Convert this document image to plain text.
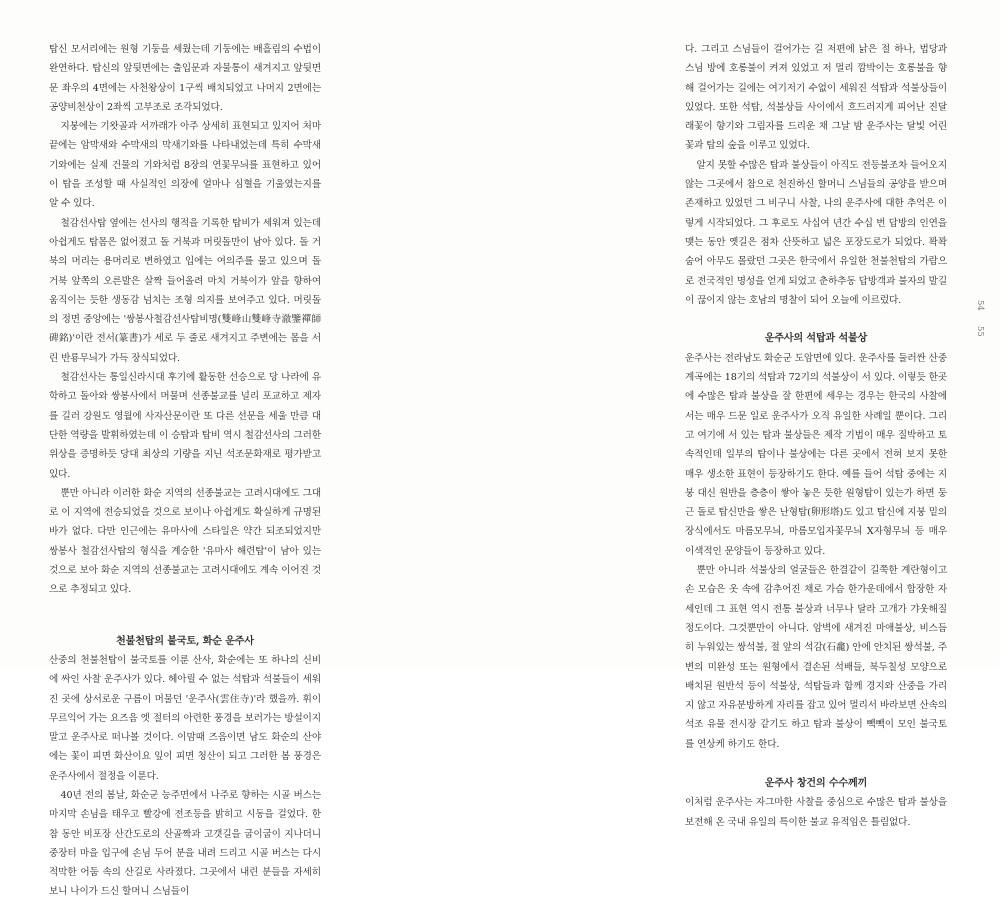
탑신 모서리에는 원형 기둥을 세웠는데 기둥에는 배흘림의 수법이 완연하다. 탑신의 앞뒷면에는 출입문과 자물통이 새겨지고 앞뒷면 문 좌우의 4면에는 사천왕상이 1구씩 배치되었고 나머지 2면에는 공양비천상이 2좌씩 고부조로 조각되었다.

지붕에는 기왓골과 서까래가 아주 상세히 표현되고 있지어 처마 끝에는 암막새와 수막새의 막새기와를 나타내었는데 특히 수막새기와에는 실제 건물의 기와처럼 8장의 연꽃무늬를 표현하고 있어 이 탑을 조성할 때 사실적인 의장에 얼마나 심혈을 기울였는지를 알 수 있다.

철감선사탑 옆에는 선사의 행적을 기록한 탑비가 세워져 있는데 아쉽게도 탑몸은 없어졌고 돌 거북과 머릿돌만이 남아 있다. 돌 거북의 머리는 용머리로 변하였고 입에는 여의주를 물고 있으며 돌 거북 앞쪽의 오른발은 살짝 들어올려 마치 거북이가 앞을 향하여 움직이는 듯한 생동감 넘치는 조형 의지를 보여주고 있다. 머릿돌의 정면 중앙에는 '쌍봉사철감선사탑비명(雙峰山雙峰寺澈鑒禪師碑銘)'이란 전서(篆書)가 세로 두 줄로 새겨지고 주변에는 몸을 서린 반룡무늬가 가득 장식되었다.

철감선사는 통일신라시대 후기에 활동한 선승으로 당 나라에 유학하고 돌아와 쌍봉사에서 머물며 선종불교를 널리 포교하고 제자를 길러 강원도 영월에 사자산문이란 또 다른 선문을 세울 만큼 대단한 역량을 발휘하였는데 이 승탑과 탑비 역시 철감선사의 그러한 위상을 증명하듯 당대 최상의 기량을 지닌 석조문화재로 평가받고 있다.

뿐만 아니라 이러한 화순 지역의 선종불교는 고려시대에도 그대로 이 지역에 전승되었을 것으로 보이나 아쉽게도 확실하게 규명된 바가 없다. 다만 인근에는 유마사에 스타일은 약간 되조되었지만 쌍봉사 철감선사탑의 형식을 계승한 '유마사 해련탑'이 남아 있는 것으로 보아 화순 지역의 선종불교는 고려시대에도 계속 이어진 것으로 추정되고 있다.

천불천탑의 불국토, 화순 운주사

산중의 천불천탑이 불국토를 이룬 산사, 화순에는 또 하나의 신비에 싸인 사찰 운주사가 있다. 헤아릴 수 없는 석탑과 석불들이 세워진 곳에 상서로운 구름이 머물던 '운주사(雲住寺)'라 했을까. 휘이 무르익어 가는 요즈음 엣 절터의 아련한 풍경을 보러가는 방설이지 말고 운주사로 떠나볼 것이다. 이맘때 즈음이면 남도 화순의 산야에는 꽃이 피면 화산이요 잎이 피면 청산이 되고 그러한 봄 풍경은 운주사에서 절정을 이룬다.

40년 전의 봄날, 화순군 능주면에서 나주로 향하는 시골 버스는 마지막 손님을 태우고 빨강에 전조등을 밝히고 시동을 걸었다. 한참 동안 비포장 산간도로의 산골짝과 고갯길을 굽이굽이 지나더니 중장터 마을 입구에 손님 두어 분을 내려 드리고 시골 버스는 다시 적막한 어둠 속의 산길로 사라졌다. 그곳에서 내린 분들을 자세히 보니 나이가 드신 할머니 스님들이

다. 그리고 스님들이 걸어가는 길 저편에 낡은 절 하나, 법당과 스님 방에 호롱불이 켜져 있었고 저 멀리 깜박이는 호롱불을 향해 걸어가는 길에는 여기저기 수없이 세워진 석탑과 석불상들이 있었다. 또한 석탑, 석불상들 사이에서 흐드러지게 피어난 진달래꽃이 향기와 그림자를 드리운 채 그날 밤 운주사는 달빛 어린 꽃과 탑의 숲을 이루고 있었다.

알지 못할 수많은 탑과 불상들이 아직도 전등불조차 들어오지 않는 그곳에서 참으로 천진하신 할머니 스님들의 공양을 받으며 존재하고 있었던 그 비구니 사찰, 나의 운주사에 대한 추억은 이렇게 시작되었다. 그 후로도 사십여 년간 수십 번 답방의 인연을 맺는 동안 옛길은 점차 산뜻하고 넓은 포장도로가 되었다. 꽉꽉 숨어 아무도 몰랐던 그곳은 한국에서 유일한 천불천탑의 가람으로 전국적인 명성을 얻게 되었고 춘하추동 답방객과 불자의 발길이 끊이지 않는 호남의 명찰이 되어 오늘에 이르렀다.

운주사의 석탑과 석불상

운주사는 전라남도 화순군 도암면에 있다. 운주사를 둘러싼 산중 계곡에는 18기의 석탑과 72기의 석불상이 서 있다. 이렇듯 한곳에 수많은 탑과 불상을 잘 한편에 세우는 경우는 한국의 사찰에서는 매우 드문 일로 운주사가 오직 유일한 사례일 뿐이다. 그리고 여기에 서 있는 탑과 불상들은 제작 기법이 매우 질박하고 토속적인데 일부의 탑이나 불상에는 다른 곳에서 전혀 보지 못한 매우 생소한 표현이 등장하기도 한다. 예를 들어 석탑 중에는 지붕 대신 원반을 층층이 쌓아 놓은 듯한 원형탑이 있는가 하면 둥근 돌로 탑신만을 쌓은 난형탑(卵形塔)도 있고 탑신에 지붕 밑의 장식에서도 마름모무늬, 마름모입자꽃무늬 X자형무늬 등 매우 이색적인 문양들이 등장하고 있다.

뿐만 아니라 석불상의 얼굴들은 한결같이 길쭉한 계란형이고 손 모습은 옷 속에 감추어진 채로 가슴 한가운데에서 합장한 자세인데 그 표현 역시 전통 불상과 너무나 달라 고개가 갸웃해질 정도이다. 그것뿐만이 아니다. 암벽에 새겨진 마애불상, 비스듬히 누워있는 쌍석불, 절 앞의 석감(石龕) 안에 안치된 쌍석불, 주변의 미완성 또는 원형에서 결손된 석배들, 북두칠성 모양으로 배치된 원반석 등이 석불상, 석탑들과 함께 경지와 산중을 가리지 않고 자유분방하게 자리를 잡고 있어 멀리서 바라보면 산속의 석조 유물 전시장 같기도 하고 탑과 불상이 빽빽이 모인 불국토를 연상케 하기도 한다.

운주사 창건의 수수께끼

이처럼 운주사는 자그마한 사찰을 중심으로 수많은 탑과 불상을 보전해 온 국내 유일의 특이한 불교 유적임은 틀림없다.

54
55
